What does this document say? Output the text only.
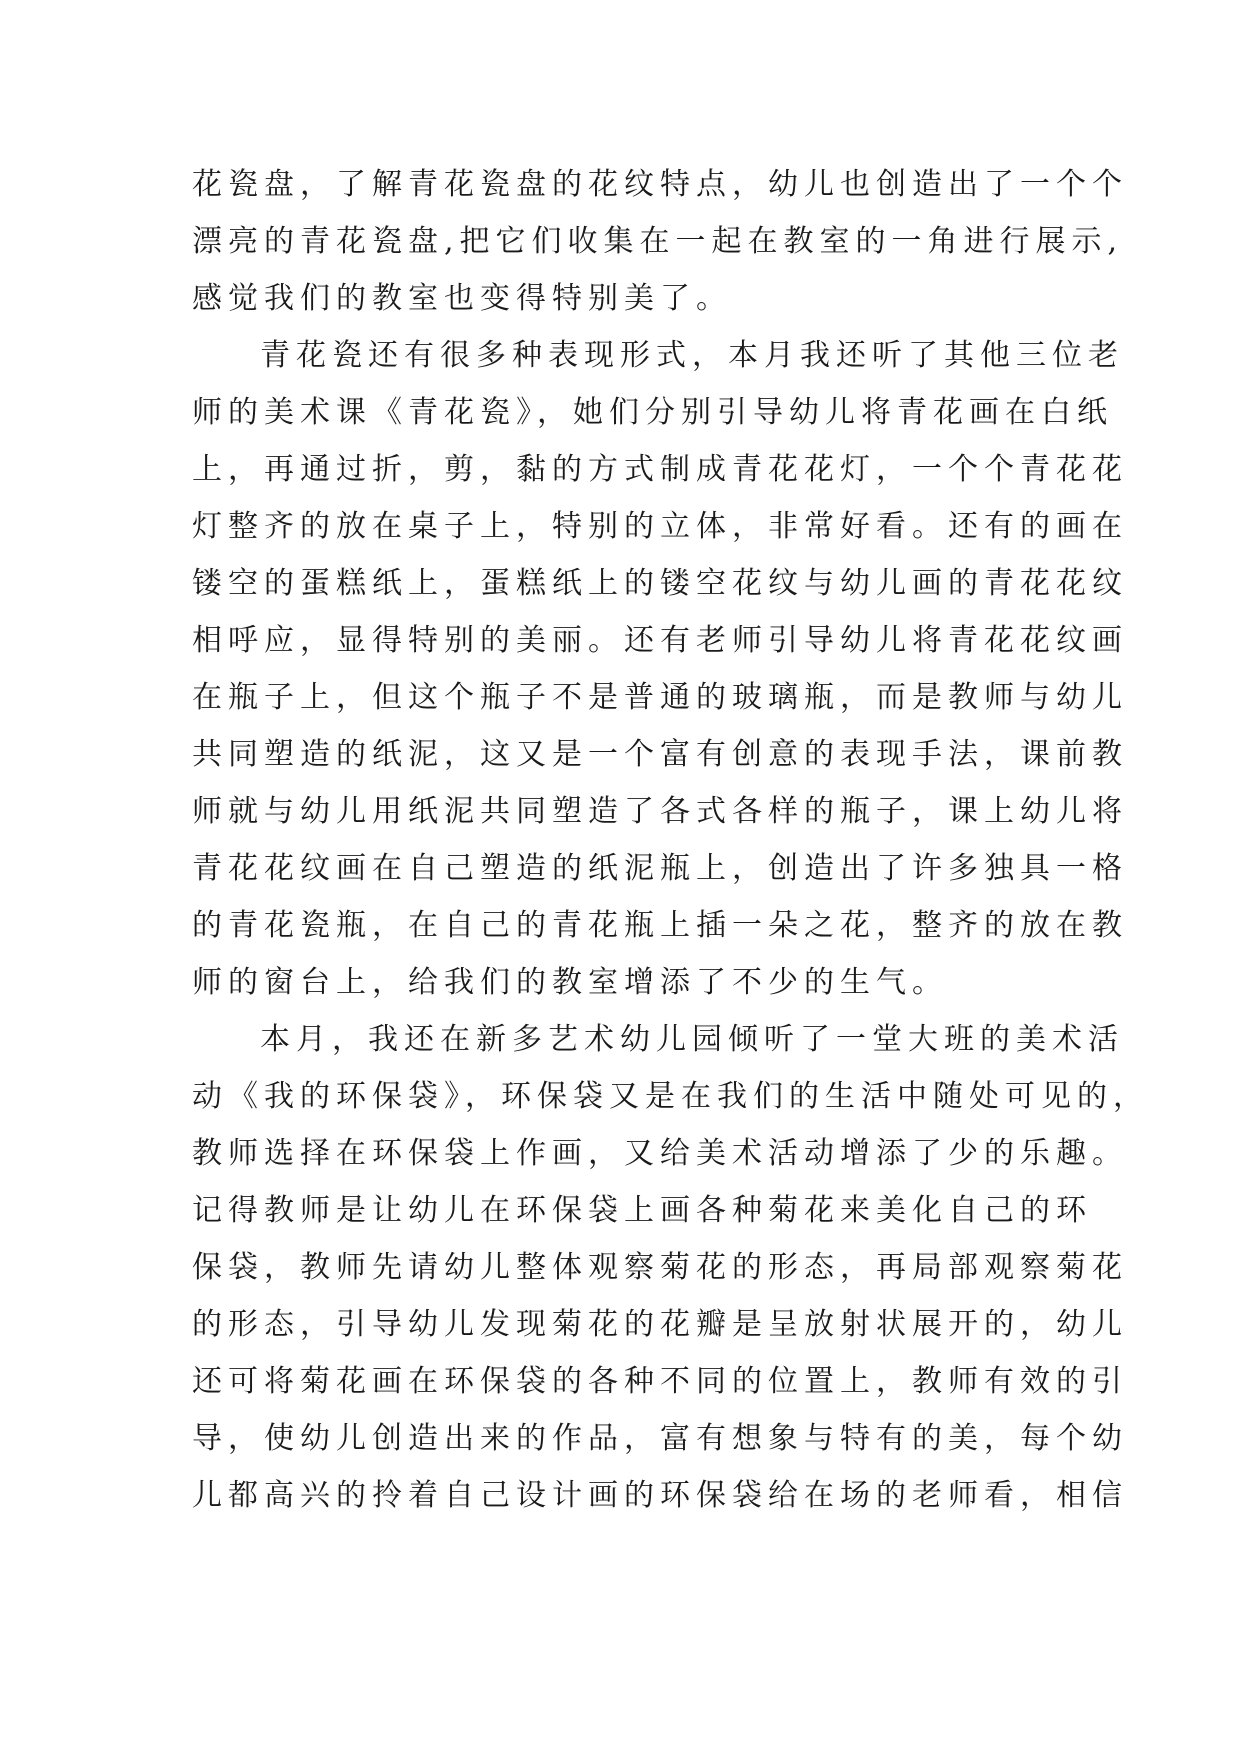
花瓷盘，了解青花瓷盘的花纹特点，幼儿也创造出了一个个
漂亮的青花瓷盘,把它们收集在一起在教室的一角进行展示,
感觉我们的教室也变得特别美了。
青花瓷还有很多种表现形式，本月我还听了其他三位老
师的美术课《青花瓷》，她们分别引导幼儿将青花画在白纸
上，再通过折，剪，黏的方式制成青花花灯，一个个青花花
灯整齐的放在桌子上，特别的立体，非常好看。还有的画在
镂空的蛋糕纸上，蛋糕纸上的镂空花纹与幼儿画的青花花纹
相呼应，显得特别的美丽。还有老师引导幼儿将青花花纹画
在瓶子上，但这个瓶子不是普通的玻璃瓶，而是教师与幼儿
共同塑造的纸泥，这又是一个富有创意的表现手法，课前教
师就与幼儿用纸泥共同塑造了各式各样的瓶子，课上幼儿将
青花花纹画在自己塑造的纸泥瓶上，创造出了许多独具一格
的青花瓷瓶，在自己的青花瓶上插一朵之花，整齐的放在教
师的窗台上，给我们的教室增添了不少的生气。
本月，我还在新多艺术幼儿园倾听了一堂大班的美术活
动《我的环保袋》，环保袋又是在我们的生活中随处可见的，
教师选择在环保袋上作画，又给美术活动增添了少的乐趣。
记得教师是让幼儿在环保袋上画各种菊花来美化自己的环
保袋，教师先请幼儿整体观察菊花的形态，再局部观察菊花
的形态，引导幼儿发现菊花的花瓣是呈放射状展开的，幼儿
还可将菊花画在环保袋的各种不同的位置上，教师有效的引
导，使幼儿创造出来的作品，富有想象与特有的美，每个幼
儿都高兴的拎着自己设计画的环保袋给在场的老师看，相信
